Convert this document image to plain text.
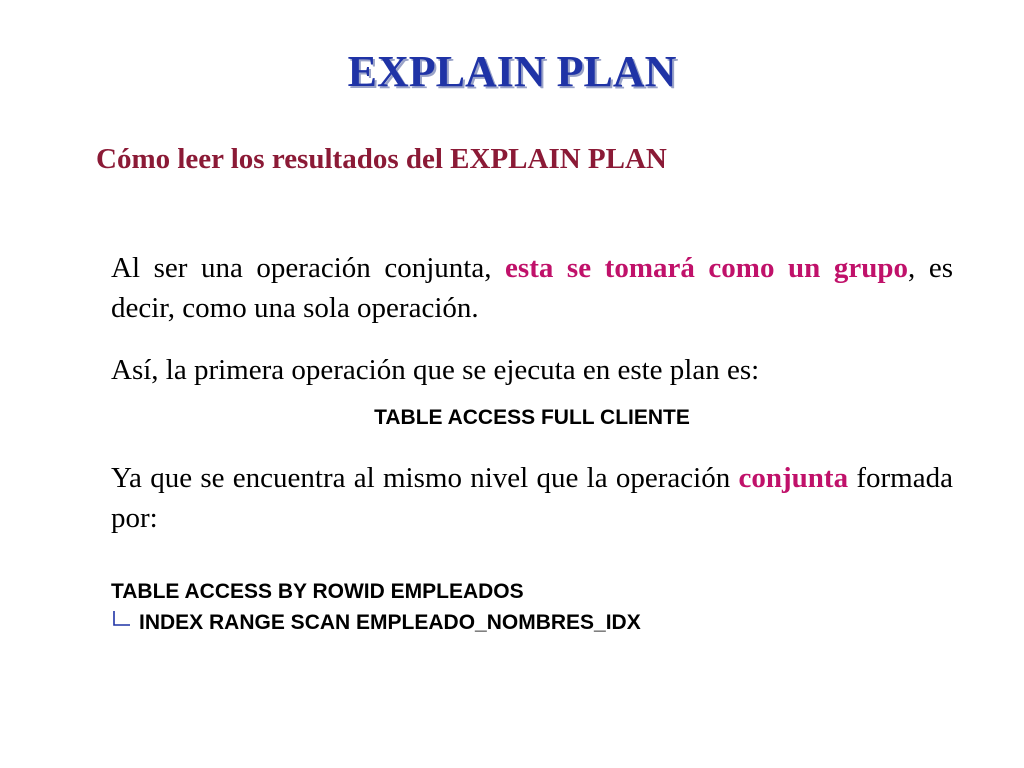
EXPLAIN PLAN
Cómo leer los resultados del EXPLAIN PLAN
Al ser una operación conjunta, esta se tomará como un grupo, es decir, como una sola operación.
Así, la primera operación que se ejecuta en este plan es:
TABLE ACCESS FULL CLIENTE
Ya que se encuentra al mismo nivel que la operación conjunta formada por:
TABLE ACCESS BY ROWID EMPLEADOS
INDEX RANGE SCAN EMPLEADO_NOMBRES_IDX
